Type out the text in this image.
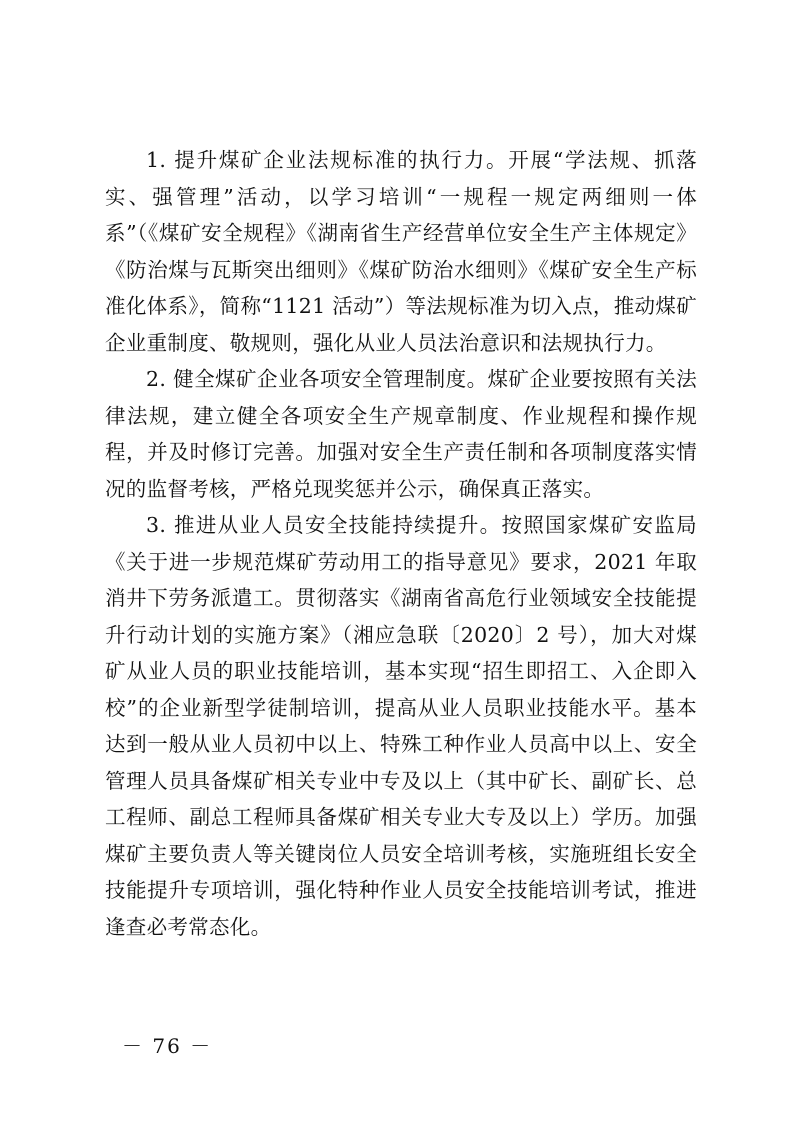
1. 提升煤矿企业法规标准的执行力。开展“学法规、抓落实、强管理”活动，以学习培训“一规程一规定两细则一体系”（《煤矿安全规程》《湖南省生产经营单位安全生产主体规定》《防治煤与瓦斯突出细则》《煤矿防治水细则》《煤矿安全生产标准化体系》，简称“1121 活动”）等法规标准为切入点，推动煤矿企业重制度、敬规则，强化从业人员法治意识和法规执行力。

2. 健全煤矿企业各项安全管理制度。煤矿企业要按照有关法律法规，建立健全各项安全生产规章制度、作业规程和操作规程，并及时修订完善。加强对安全生产责任制和各项制度落实情况的监督考核，严格兑现奖惩并公示，确保真正落实。

3. 推进从业人员安全技能持续提升。按照国家煤矿安监局《关于进一步规范煤矿劳动用工的指导意见》要求，2021 年取消井下劳务派遣工。贯彻落实《湖南省高危行业领域安全技能提升行动计划的实施方案》（湘应急联〔2020〕2 号），加大对煤矿从业人员的职业技能培训，基本实现“招生即招工、入企即入校”的企业新型学徒制培训，提高从业人员职业技能水平。基本达到一般从业人员初中以上、特殊工种作业人员高中以上、安全管理人员具备煤矿相关专业中专及以上（其中矿长、副矿长、总工程师、副总工程师具备煤矿相关专业大专及以上）学历。加强煤矿主要负责人等关键岗位人员安全培训考核，实施班组长安全技能提升专项培训，强化特种作业人员安全技能培训考试，推进逢查必考常态化。

－ 76 －
